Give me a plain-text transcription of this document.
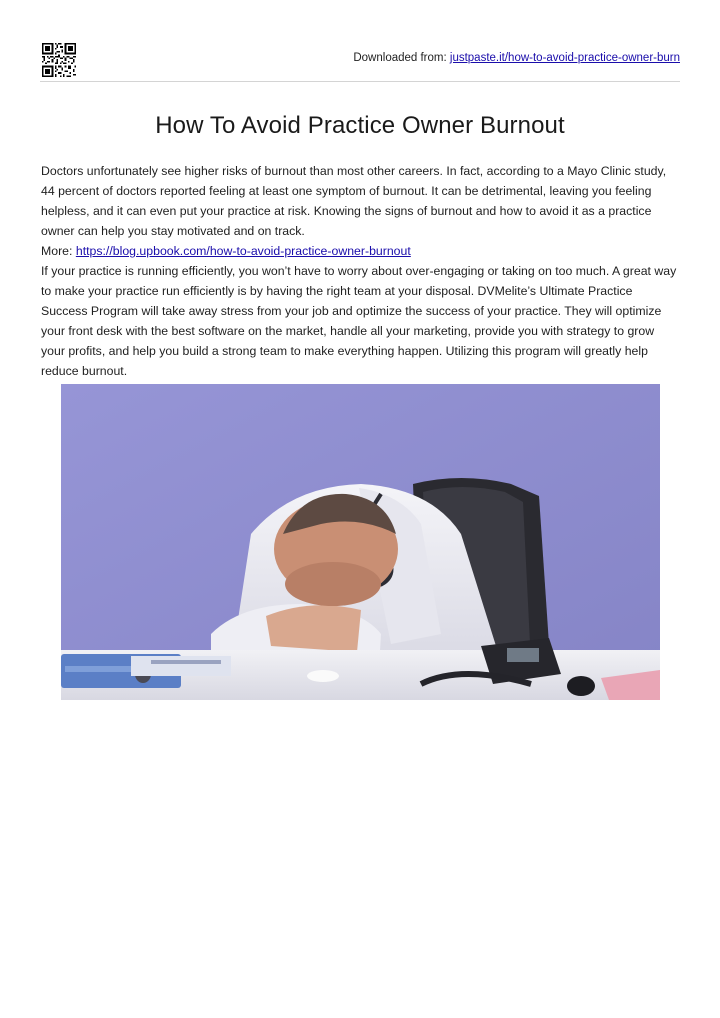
Downloaded from: justpaste.it/how-to-avoid-practice-owner-burn
How To Avoid Practice Owner Burnout

Doctors unfortunately see higher risks of burnout than most other careers. In fact, according to a Mayo Clinic study, 44 percent of doctors reported feeling at least one symptom of burnout. It can be detrimental, leaving you feeling helpless, and it can even put your practice at risk. Knowing the signs of burnout and how to avoid it as a practice owner can help you stay motivated and on track.

More: https://blog.upbook.com/how-to-avoid-practice-owner-burnout

If your practice is running efficiently, you won’t have to worry about over-engaging or taking on too much. A great way to make your practice run efficiently is by having the right team at your disposal. DVMelite’s Ultimate Practice Success Program will take away stress from your job and optimize the success of your practice. They will optimize your front desk with the best software on the market, handle all your marketing, provide you with strategy to grow your profits, and help you build a strong team to make everything happen. Utilizing this program will greatly help reduce burnout.
